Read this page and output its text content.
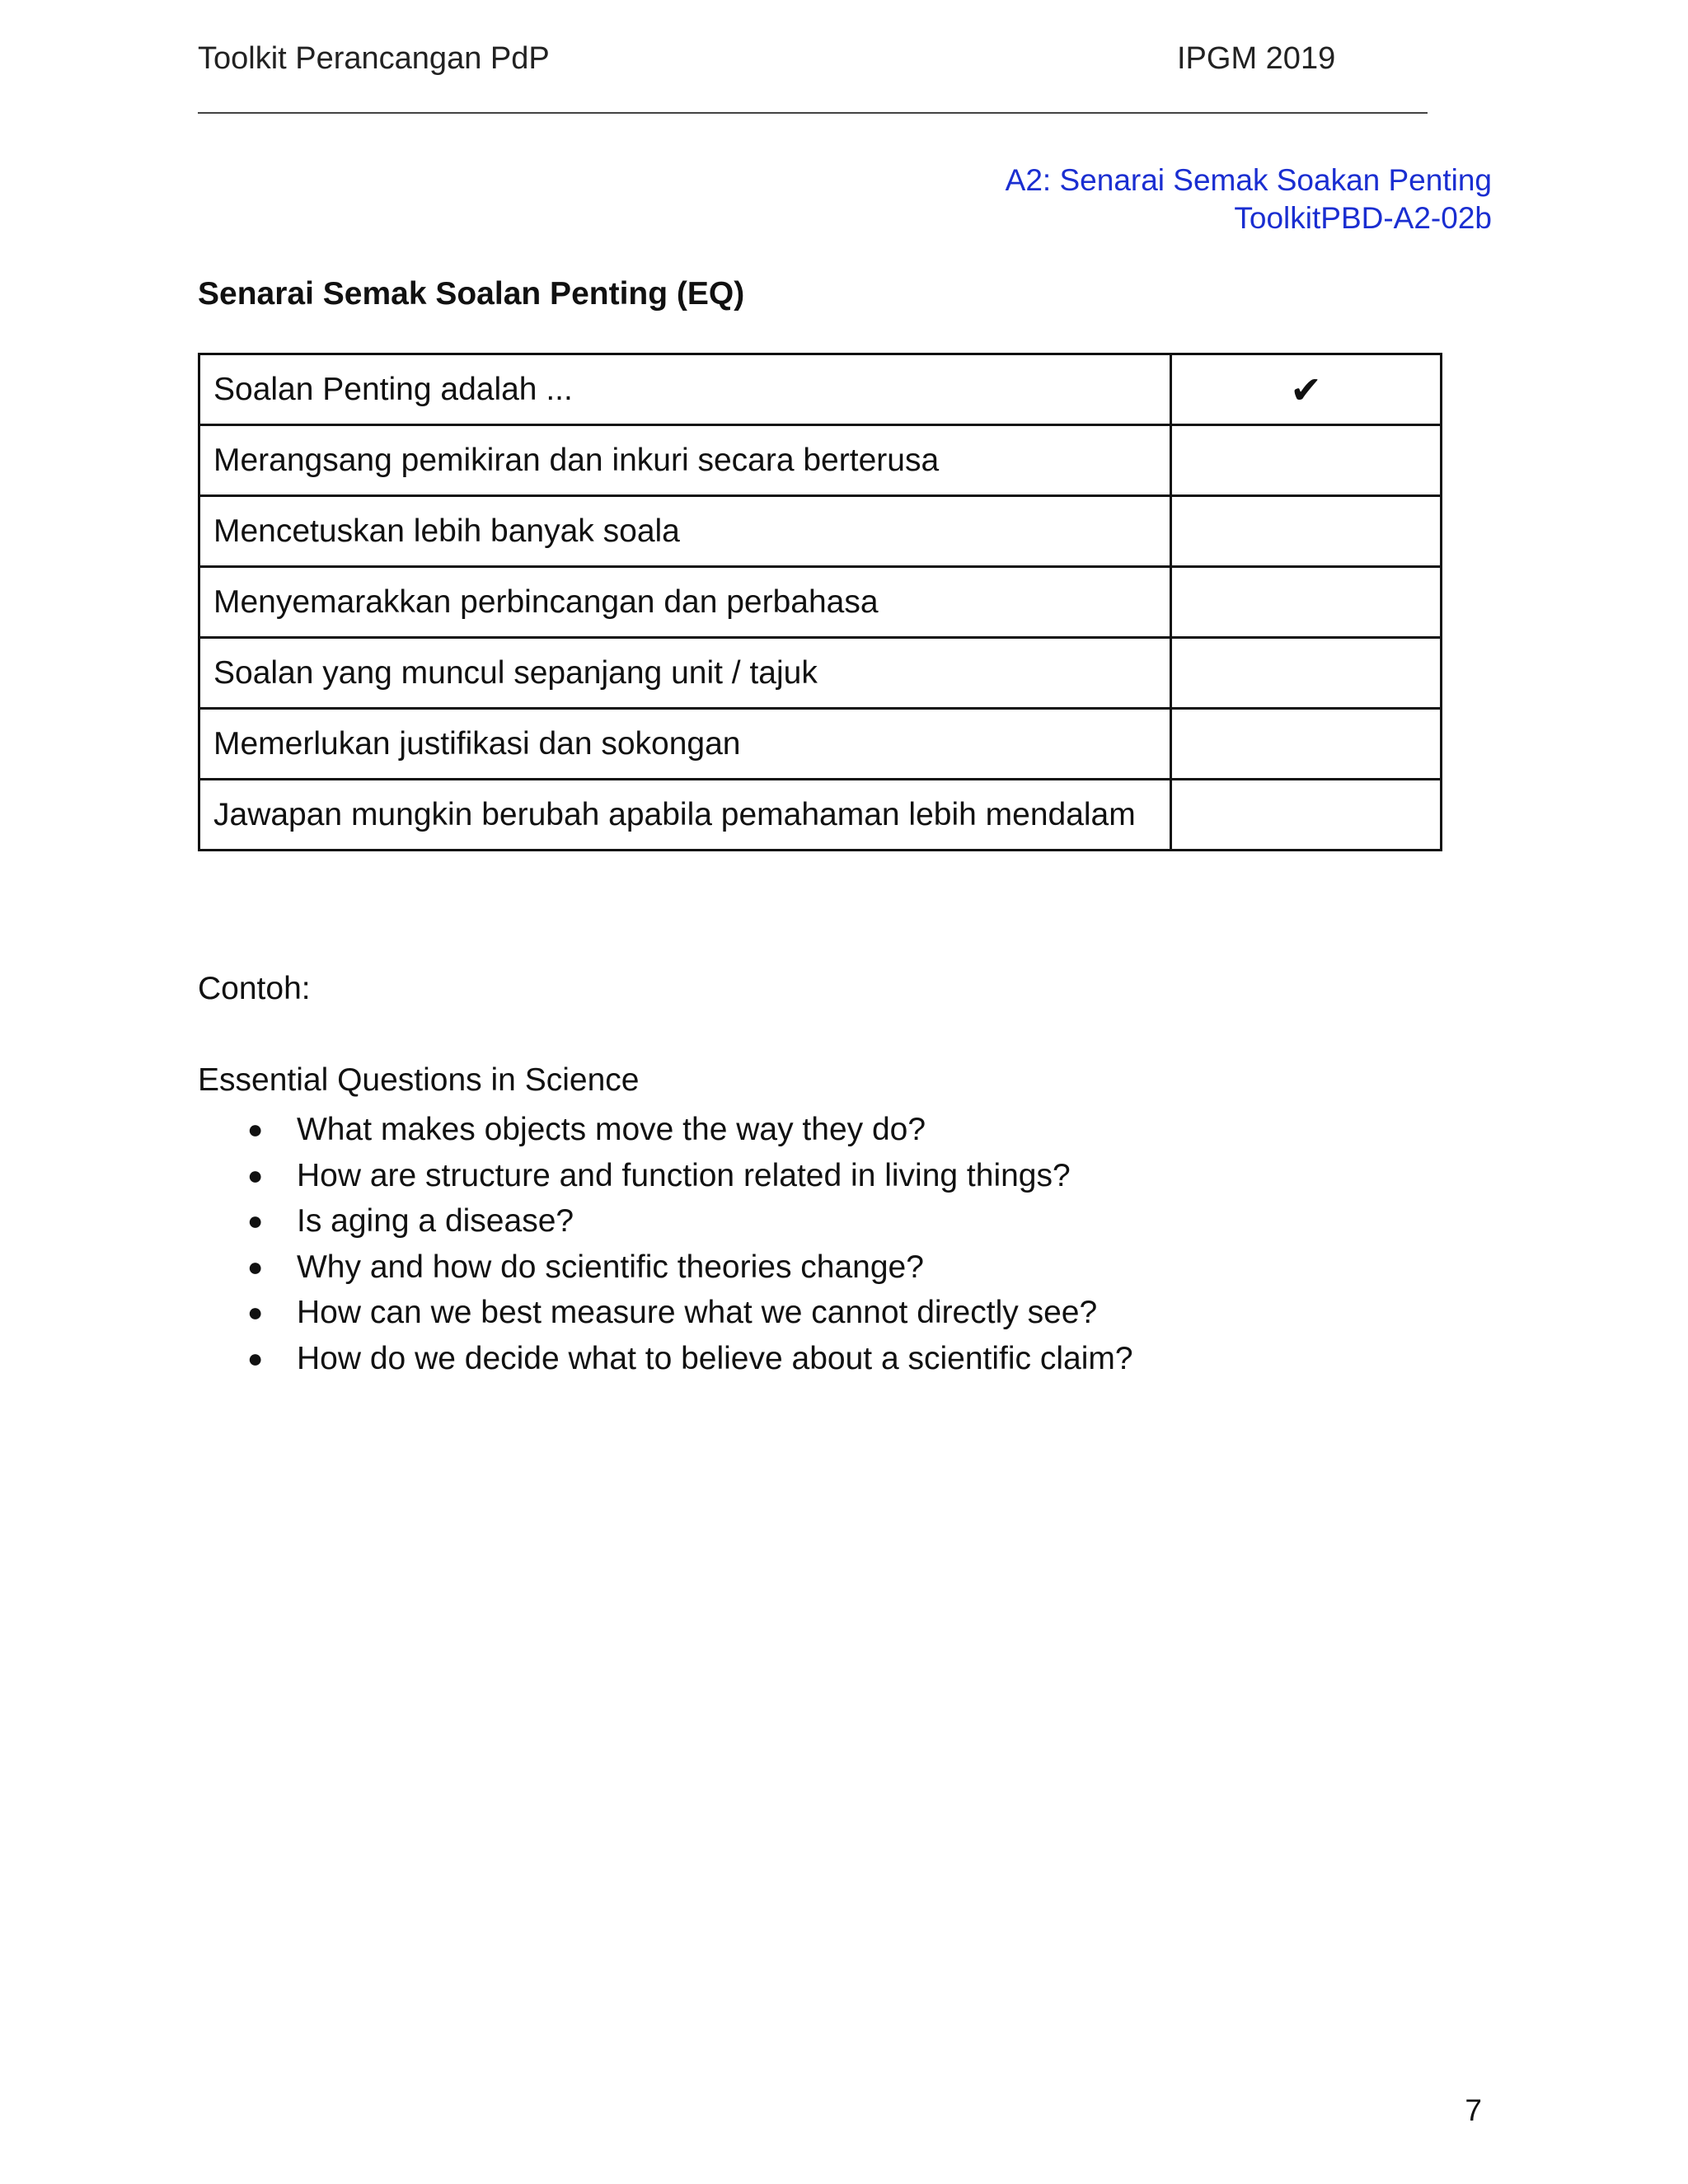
Toolkit Perancangan PdP	IPGM 2019
A2: Senarai Semak Soakan Penting
ToolkitPBD-A2-02b
Senarai Semak Soalan Penting (EQ)
Soalan Penting adalah ...	✔
Merangsang pemikiran dan inkuri secara berterusa	
Mencetuskan lebih banyak soala	
Menyemarakkan perbincangan dan perbahasa	
Soalan yang muncul sepanjang unit / tajuk	
Memerlukan justifikasi dan sokongan	
Jawapan mungkin berubah apabila pemahaman lebih mendalam	
Contoh:
Essential Questions in Science
● What makes objects move the way they do?
● How are structure and function related in living things?
● Is aging a disease?
● Why and how do scientific theories change?
● How can we best measure what we cannot directly see?
● How do we decide what to believe about a scientific claim?
7
